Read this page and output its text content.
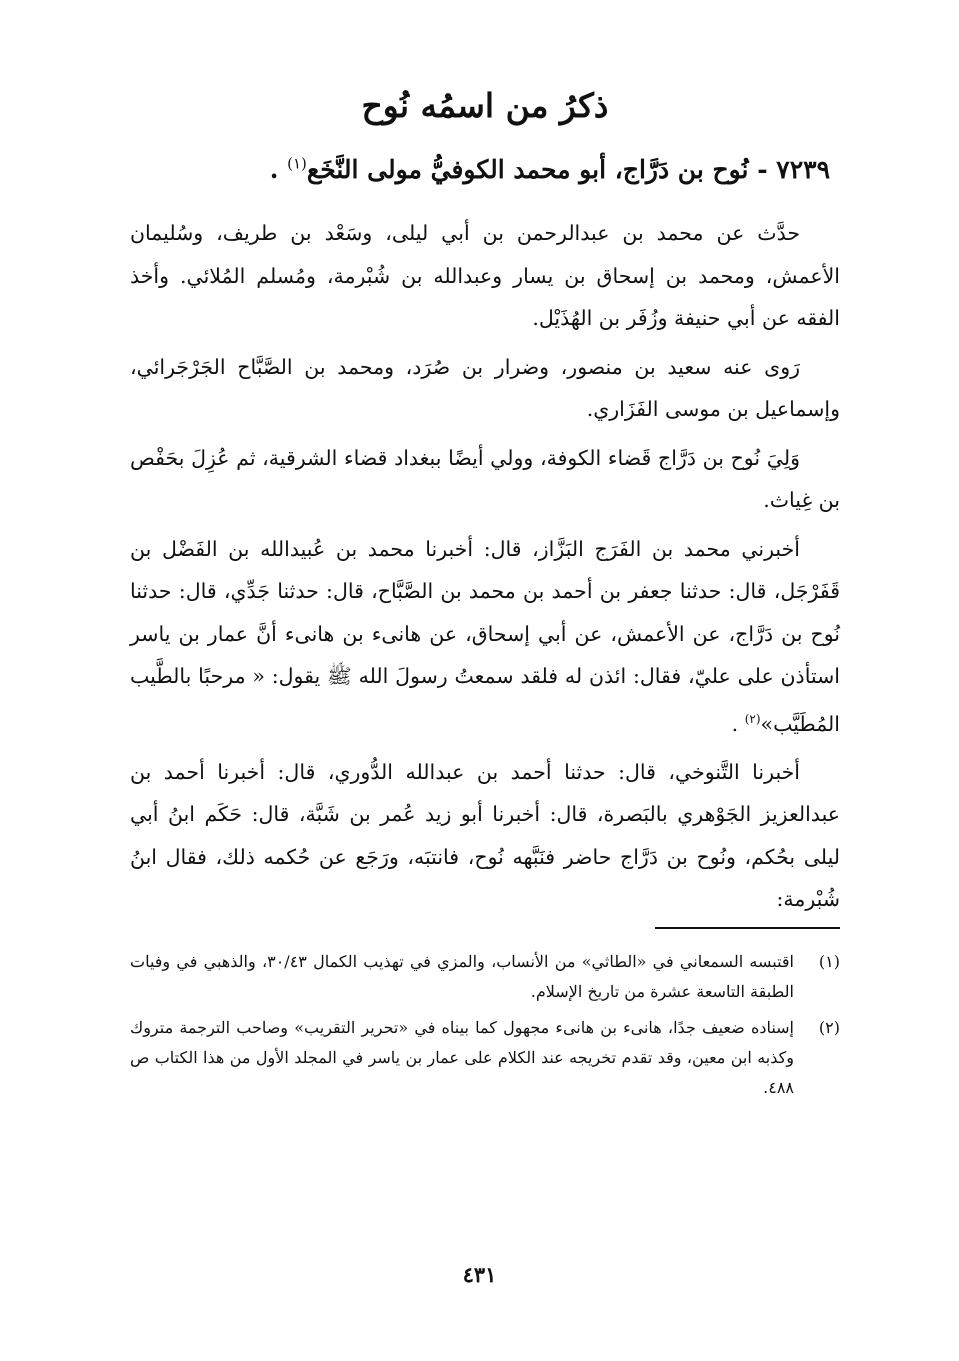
ذكرُ من اسمُه نُوح
٧٢٣٩ - نُوح بن دَرَّاج، أبو محمد الكوفيُّ مولى النَّخَع$^{(١)}$ .

حدَّث عن محمد بن عبدالرحمن بن أبي ليلى، وسَعْد بن طريف، وسُليمان الأعمش، ومحمد بن إسحاق بن يسار وعبدالله بن شُبْرمة، ومُسلم المُلائي. وأخذ الفقه عن أبي حنيفة وزُفَر بن الهُذَيْل.

رَوى عنه سعيد بن منصور، وضرار بن صُرَد، ومحمد بن الصَّبَّاح الجَرْجَرائي، وإسماعيل بن موسى الفَزَاري.

وَلِيَ نُوح بن دَرَّاج قَضاء الكوفة، وولي أيضًا ببغداد قضاء الشرقية، ثم عُزِلَ بحَفْص بن غِياث.

أخبرني محمد بن الفَرَج البَزَّاز، قال: أخبرنا محمد بن عُبيدالله بن الفَضْل بن قَفَرْجَل، قال: حدثنا جعفر بن أحمد بن محمد بن الصَّبَّاح، قال: حدثنا جَدِّي، قال: حدثنا نُوح بن دَرَّاج، عن الأعمش، عن أبي إسحاق، عن هانىء بن هانىء أنَّ عمار بن ياسر استأذن على عليّ، فقال: ائذن له فلقد سمعتُ رسولَ الله ﷺ يقول: « مرحبًا بالطَّيب المُطَيَّب»$^{(٢)}$ .

أخبرنا التَّنوخي، قال: حدثنا أحمد بن عبدالله الدُّوري، قال: أخبرنا أحمد بن عبدالعزيز الجَوْهري بالبَصرة، قال: أخبرنا أبو زيد عُمر بن شَبَّة، قال: حَكَم ابنُ أبي ليلى بحُكم، ونُوح بن دَرَّاج حاضر فنَبَّهه نُوح، فانتبَه، ورَجَع عن حُكمه ذلك، فقال ابنُ شُبْرمة:

(١)
اقتبسه السمعاني في «الطاثي» من الأنساب، والمزي في تهذيب الكمال ٣٠/٤٣، والذهبي في وفيات الطبقة التاسعة عشرة من تاريخ الإسلام.
(٢)
إسناده ضعيف جدًا، هانىء بن هانىء مجهول كما بيناه في «تحرير التقريب» وصاحب الترجمة متروك وكذبه ابن معين، وقد تقدم تخريجه عند الكلام على عمار بن ياسر في المجلد الأول من هذا الكتاب ص ٤٨٨.
٤٣١
